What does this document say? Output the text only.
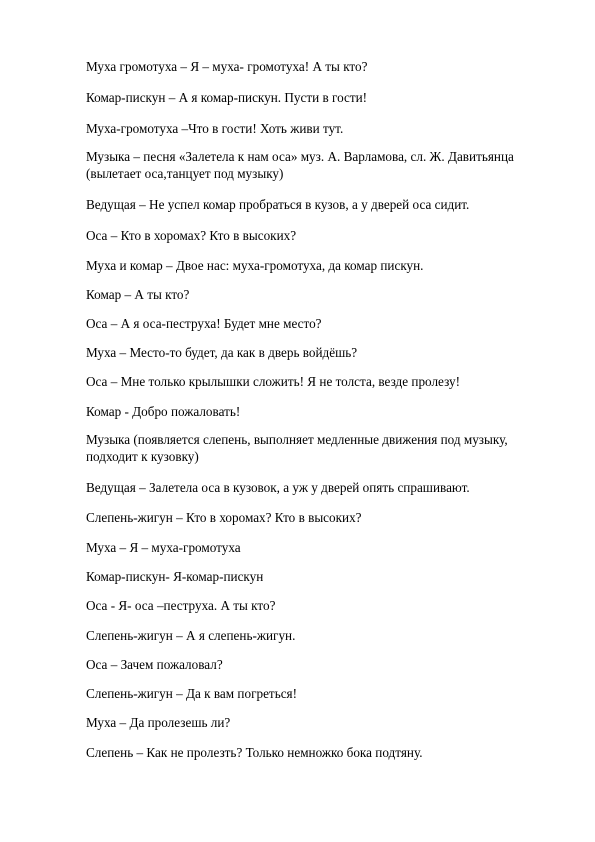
Муха громотуха – Я – муха- громотуха! А ты кто?
Комар-пискун – А я комар-пискун. Пусти в гости!
Муха-громотуха –Что в гости! Хоть живи тут.
Музыка – песня «Залетела к нам оса» муз. А. Варламова, сл. Ж. Давитьянца (вылетает оса,танцует под музыку)
Ведущая – Не успел комар пробраться в кузов, а у дверей оса сидит.
Оса – Кто в хоромах? Кто в высоких?
Муха и комар – Двое нас: муха-громотуха, да комар пискун.
Комар – А ты кто?
Оса – А я оса-пеструха! Будет мне место?
Муха – Место-то будет, да как в дверь войдёшь?
Оса – Мне только крылышки сложить! Я не толста, везде пролезу!
Комар - Добро пожаловать!
Музыка (появляется слепень, выполняет медленные движения под музыку, подходит к кузовку)
Ведущая – Залетела оса в кузовок, а уж у дверей опять спрашивают.
Слепень-жигун – Кто в хоромах? Кто в высоких?
Муха – Я – муха-громотуха
Комар-пискун- Я-комар-пискун
Оса - Я- оса –пеструха. А ты кто?
Слепень-жигун – А я слепень-жигун.
Оса – Зачем пожаловал?
Слепень-жигун – Да к вам погреться!
Муха – Да пролезешь ли?
Слепень – Как не пролезть? Только немножко бока подтяну.
